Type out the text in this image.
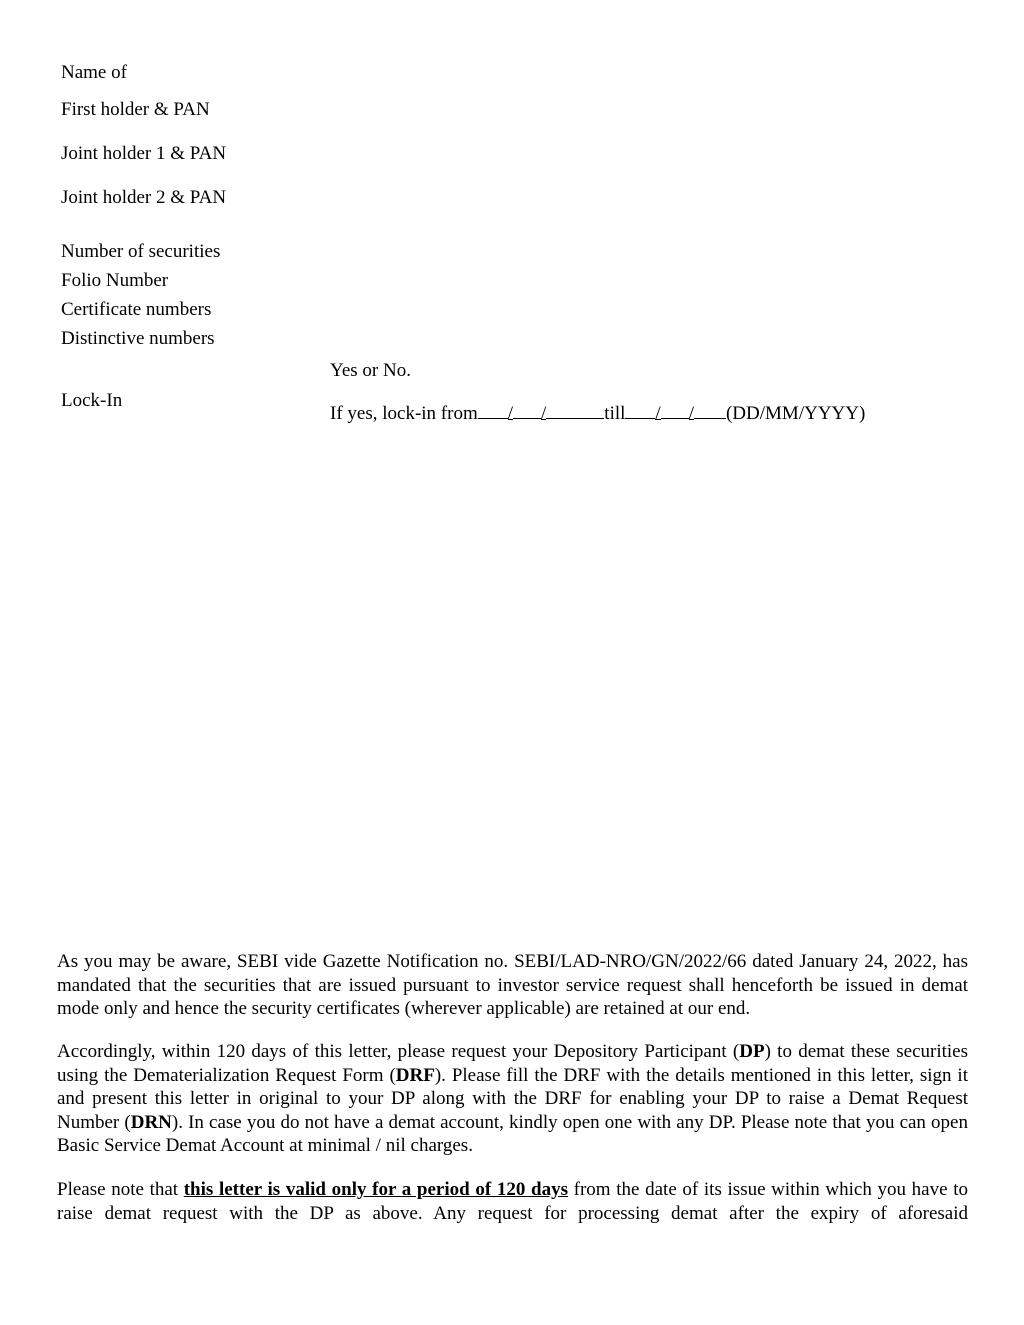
Name of
First holder & PAN
Joint holder 1 & PAN
Joint holder 2 & PAN
Number of securities
Folio Number
Certificate numbers
Distinctive numbers
Yes or No.
Lock-In
If yes, lock-in from / /	till / / (DD/MM/YYYY)

As you may be aware, SEBI vide Gazette Notification no. SEBI/LAD-NRO/GN/2022/66 dated January 24, 2022, has mandated that the securities that are issued pursuant to investor service request shall henceforth be issued in demat mode only and hence the security certificates (wherever applicable) are retained at our end.

Accordingly, within 120 days of this letter, please request your Depository Participant (DP) to demat these securities using the Dematerialization Request Form (DRF). Please fill the DRF with the details mentioned in this letter, sign it and present this letter in original to your DP along with the DRF for enabling your DP to raise a Demat Request Number (DRN). In case you do not have a demat account, kindly open one with any DP. Please note that you can open Basic Service Demat Account at minimal / nil charges.

Please note that this letter is valid only for a period of 120 days from the date of its issue within which you have to raise demat request with the DP as above. Any request for processing demat after the expiry of aforesaid
